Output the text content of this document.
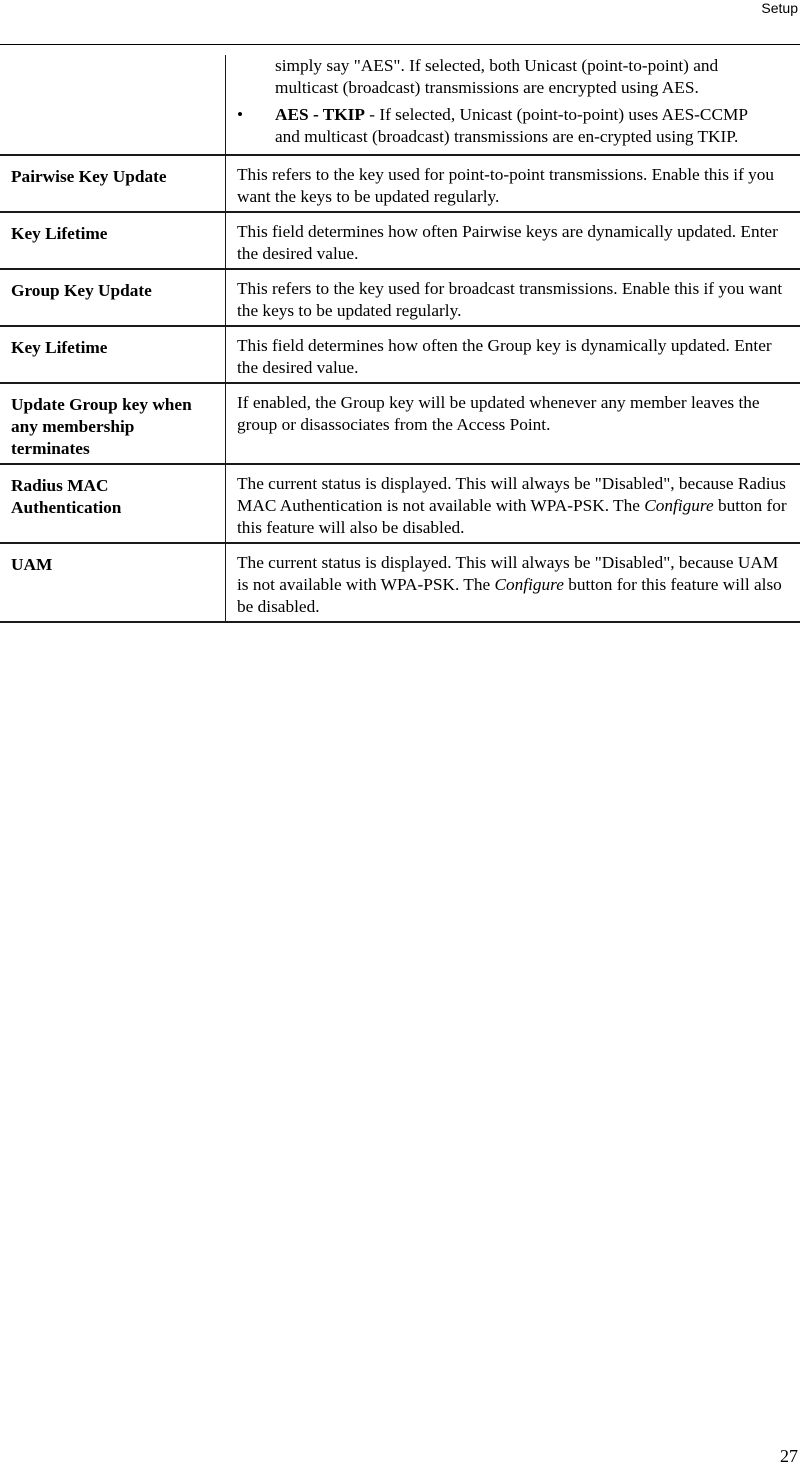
Setup

	simply say "AES". If selected, both Unicast (point-to-point) and multicast (broadcast) transmissions are encrypted using AES.
• AES - TKIP - If selected, Unicast (point-to-point) uses AES-CCMP and multicast (broadcast) transmissions are en-crypted using TKIP.

Pairwise Key Update	This refers to the key used for point-to-point transmissions. Enable this if you want the keys to be updated regularly.
Key Lifetime	This field determines how often Pairwise keys are dynamically updated. Enter the desired value.
Group Key Update	This refers to the key used for broadcast transmissions. Enable this if you want the keys to be updated regularly.
Key Lifetime	This field determines how often the Group key is dynamically updated. Enter the desired value.
Update Group key when any membership terminates	If enabled, the Group key will be updated whenever any member leaves the group or disassociates from the Access Point.
Radius MAC Authentication	The current status is displayed. This will always be "Disabled", because Radius MAC Authentication is not available with WPA-PSK. The Configure button for this feature will also be disabled.
UAM	The current status is displayed. This will always be "Disabled", because UAM is not available with WPA-PSK. The Configure button for this feature will also be disabled.
27
